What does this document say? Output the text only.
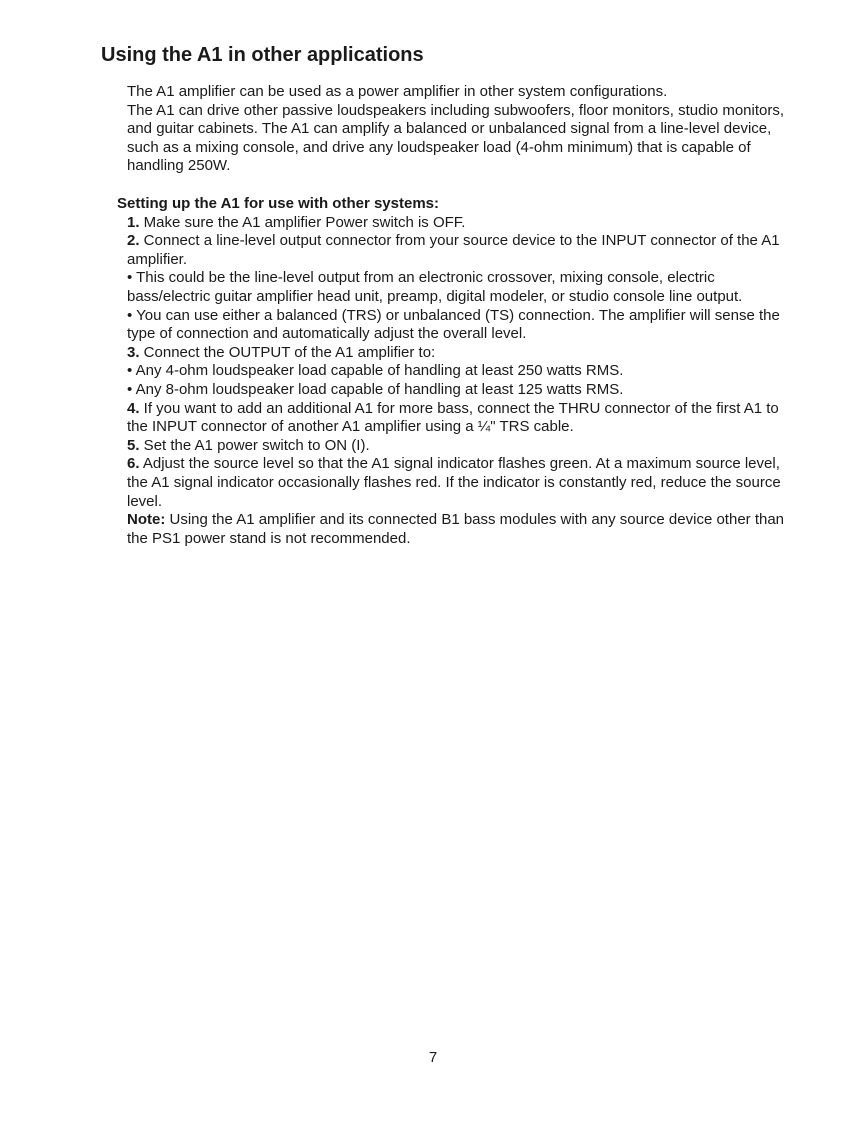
Using the A1 in other applications

The A1 amplifier can be used as a power amplifier in other system configurations.

The A1 can drive other passive loudspeakers including subwoofers, floor monitors, studio monitors, and guitar cabinets. The A1 can amplify a balanced or unbalanced signal from a line-level device, such as a mixing console, and drive any loudspeaker load (4-ohm minimum) that is capable of handling 250W.

Setting up the A1 for use with other systems:

1. Make sure the A1 amplifier Power switch is OFF.

2. Connect a line-level output connector from your source device to the INPUT connector of the A1 amplifier.

• This could be the line-level output from an electronic crossover, mixing console, electric bass/electric guitar amplifier head unit, preamp, digital modeler, or studio console line output.

• You can use either a balanced (TRS) or unbalanced (TS) connection. The amplifier will sense the type of connection and automatically adjust the overall level.

3. Connect the OUTPUT of the A1 amplifier to:

• Any 4-ohm loudspeaker load capable of handling at least 250 watts RMS.

• Any 8-ohm loudspeaker load capable of handling at least 125 watts RMS.

4. If you want to add an additional A1 for more bass, connect the THRU connector of the first A1 to the INPUT connector of another A1 amplifier using a ¼" TRS cable.

5. Set the A1 power switch to ON (I).

6. Adjust the source level so that the A1 signal indicator flashes green. At a maximum source level, the A1 signal indicator occasionally flashes red. If the indicator is constantly red, reduce the source level.

Note: Using the A1 amplifier and its connected B1 bass modules with any source device other than the PS1 power stand is not recommended.

7
